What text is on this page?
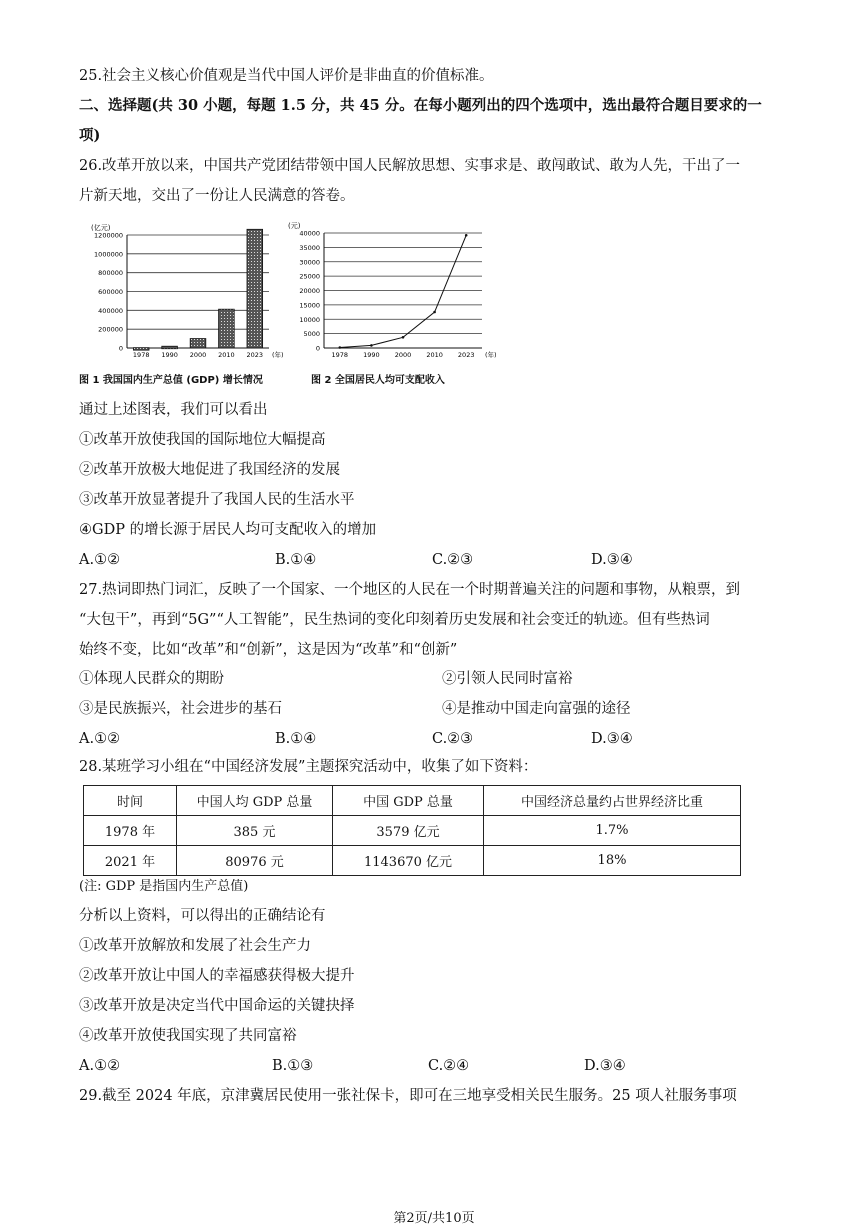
25.社会主义核心价值观是当代中国人评价是非曲直的价值标准。
二、选择题(共 30 小题，每题 1.5 分，共 45 分。在每小题列出的四个选项中，选出最符合题目要求的一
项)
26.改革开放以来，中国共产党团结带领中国人民解放思想、实事求是、敢闯敢试、敢为人先，干出了一
片新天地，交出了一份让人民满意的答卷。
(亿元)
0
200000
400000
600000
800000
1000000
1200000
1978 1990 2000 2010 2023 (年)
(元)
0
5000
10000
15000
20000
25000
30000
35000
40000
1978 1990 2000 2010 2023 (年)
图 1 我国国内生产总值 (GDP) 增长情况	图 2 全国居民人均可支配收入
通过上述图表，我们可以看出
①改革开放使我国的国际地位大幅提高
②改革开放极大地促进了我国经济的发展
③改革开放显著提升了我国人民的生活水平
④GDP 的增长源于居民人均可支配收入的增加
A.①②	B.①④	C.②③	D.③④
27.热词即热门词汇，反映了一个国家、一个地区的人民在一个时期普遍关注的问题和事物，从粮票，到
“大包干”，再到“5G”“人工智能”，民生热词的变化印刻着历史发展和社会变迁的轨迹。但有些热词
始终不变，比如“改革”和“创新”，这是因为“改革”和“创新”
①体现人民群众的期盼	②引领人民同时富裕
③是民族振兴，社会进步的基石	④是推动中国走向富强的途径
A.①②	B.①④	C.②③	D.③④
28.某班学习小组在“中国经济发展”主题探究活动中，收集了如下资料：
时间	中国人均 GDP 总量	中国 GDP 总量	中国经济总量约占世界经济比重
1978 年	385 元	3579 亿元	1.7%
2021 年	80976 元	1143670 亿元	18%
(注: GDP 是指国内生产总值)
分析以上资料，可以得出的正确结论有
①改革开放解放和发展了社会生产力
②改革开放让中国人的幸福感获得极大提升
③改革开放是决定当代中国命运的关键抉择
④改革开放使我国实现了共同富裕
A.①②	B.①③	C.②④	D.③④
29.截至 2024 年底，京津冀居民使用一张社保卡，即可在三地享受相关民生服务。25 项人社服务事项
第2页/共10页
